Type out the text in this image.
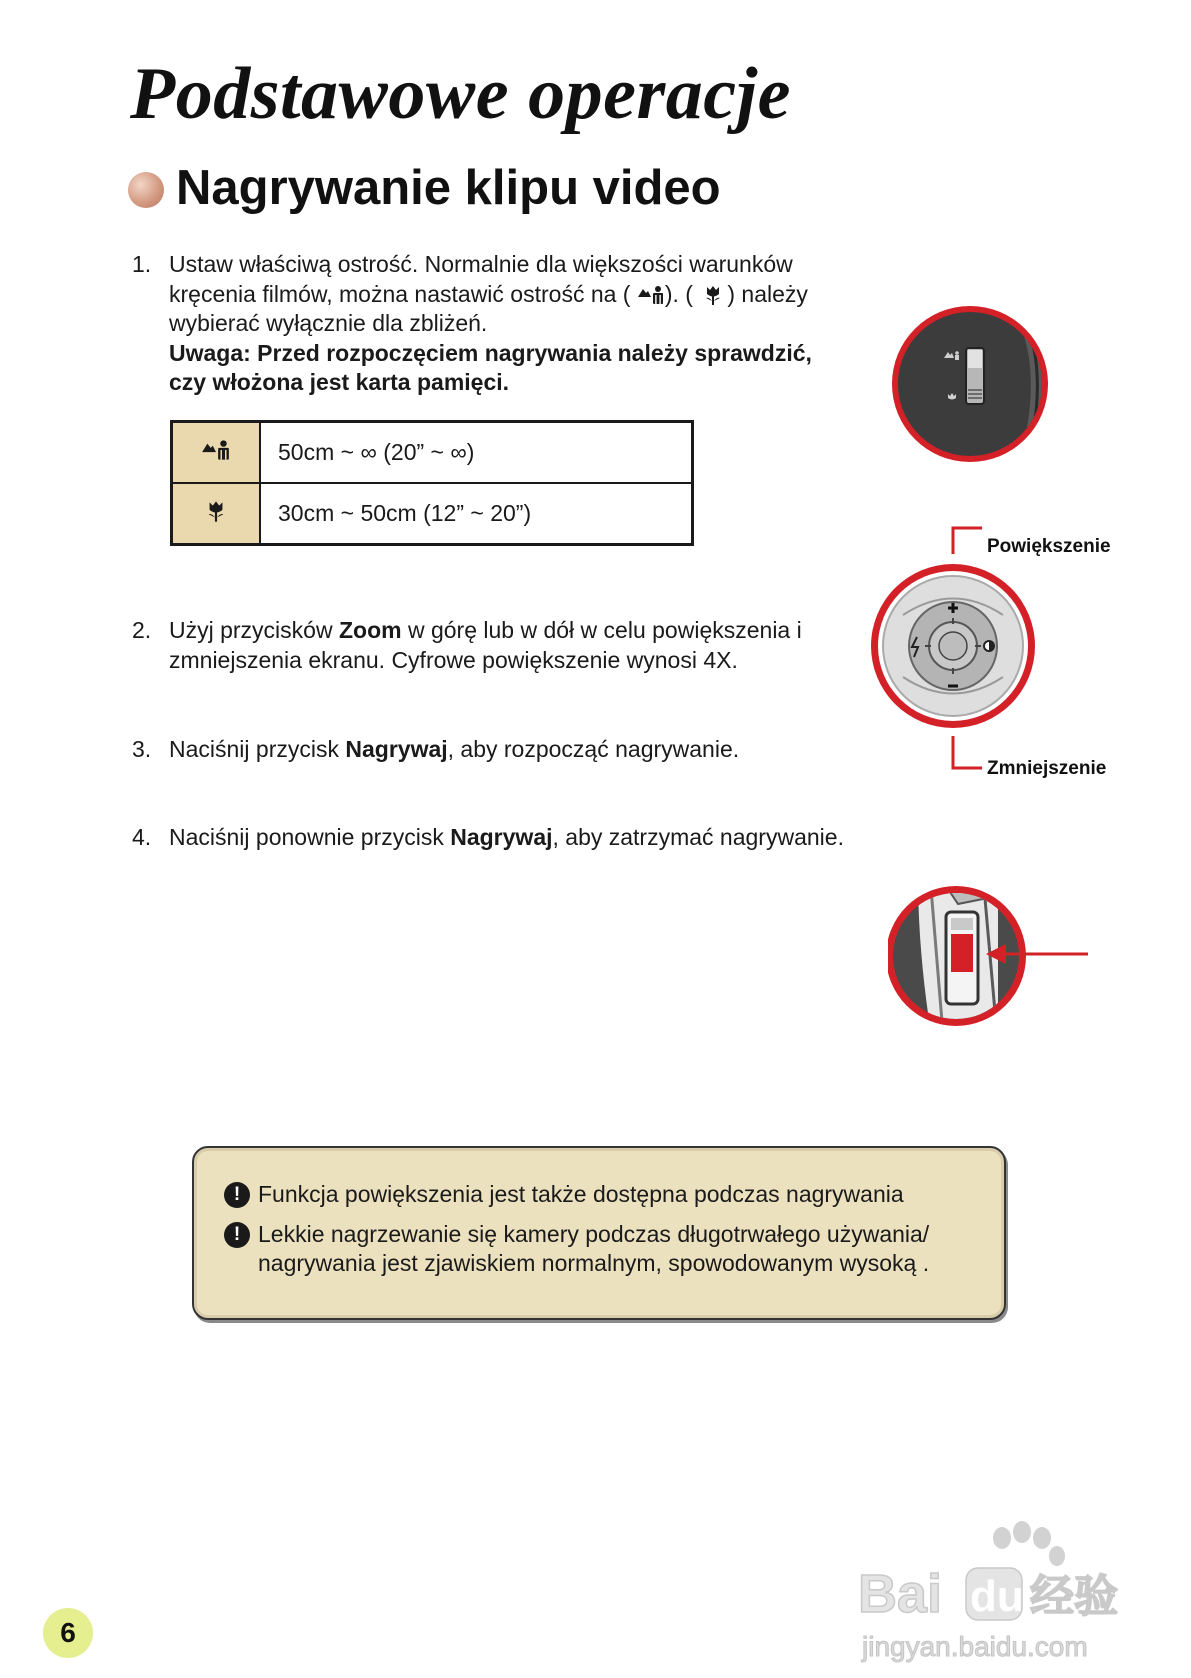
Podstawowe operacje
Nagrywanie klipu video
1. Ustaw właściwą ostrość. Normalnie dla większości warunków kręcenia filmów, można nastawić ostrość na ( ). ( ) należy wybierać wyłącznie dla zbliżeń.
Uwaga: Przed rozpoczęciem nagrywania należy sprawdzić, czy włożona jest karta pamięci.
	50cm ~ ∞ (20” ~ ∞)
	30cm ~ 50cm (12” ~ 20”)
2. Użyj przycisków Zoom w górę lub w dół w celu powiększenia i zmniejszenia ekranu. Cyfrowe powiększenie wynosi 4X.
3. Naciśnij przycisk Nagrywaj, aby rozpocząć nagrywanie.
4. Naciśnij ponownie przycisk Nagrywaj, aby zatrzymać nagrywanie.
Powiększenie
Zmniejszenie
! Funkcja powiększenia jest także dostępna podczas nagrywania
! Lekkie nagrzewanie się kamery podczas długotrwałego używania/ nagrywania jest zjawiskiem normalnym, spowodowanym wysoką .
6
Bai du 经验
jingyan.baidu.com
